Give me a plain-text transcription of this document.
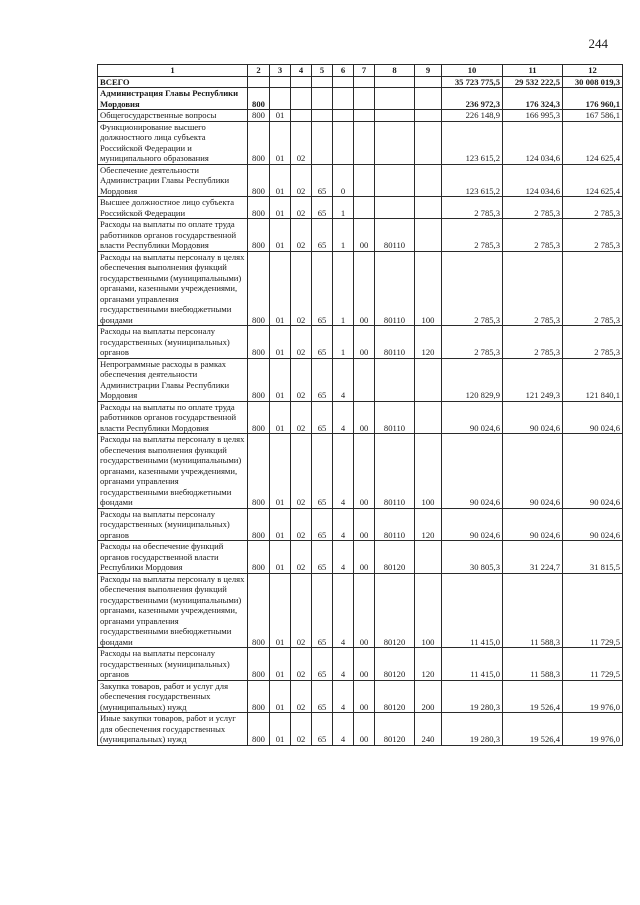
244
1	2	3	4	5	6	7	8	9	10	11	12
ВСЕГО									35 723 775,5	29 532 222,5	30 008 019,3
Администрация Главы Республики Мордовия	800								236 972,3	176 324,3	176 960,1
Общегосударственные вопросы	800	01							226 148,9	166 995,3	167 586,1
Функционирование высшего должностного лица субъекта Российской Федерации и муниципального образования	800	01	02						123 615,2	124 034,6	124 625,4
Обеспечение деятельности Администрации Главы Республики Мордовия	800	01	02	65	0				123 615,2	124 034,6	124 625,4
Высшее должностное лицо субъекта Российской Федерации	800	01	02	65	1				2 785,3	2 785,3	2 785,3
Расходы на выплаты по оплате труда работников органов государственной власти Республики Мордовия	800	01	02	65	1	00	80110		2 785,3	2 785,3	2 785,3
Расходы на выплаты персоналу в целях обеспечения выполнения функций государственными (муниципальными) органами, казенными учреждениями, органами управления государственными внебюджетными фондами	800	01	02	65	1	00	80110	100	2 785,3	2 785,3	2 785,3
Расходы на выплаты персоналу государственных (муниципальных) органов	800	01	02	65	1	00	80110	120	2 785,3	2 785,3	2 785,3
Непрограммные расходы в рамках обеспечения деятельности Администрации Главы Республики Мордовия	800	01	02	65	4				120 829,9	121 249,3	121 840,1
Расходы на выплаты по оплате труда работников органов государственной власти Республики Мордовия	800	01	02	65	4	00	80110		90 024,6	90 024,6	90 024,6
Расходы на выплаты персоналу в целях обеспечения выполнения функций государственными (муниципальными) органами, казенными учреждениями, органами управления государственными внебюджетными фондами	800	01	02	65	4	00	80110	100	90 024,6	90 024,6	90 024,6
Расходы на выплаты персоналу государственных (муниципальных) органов	800	01	02	65	4	00	80110	120	90 024,6	90 024,6	90 024,6
Расходы на обеспечение функций органов государственной власти Республики Мордовия	800	01	02	65	4	00	80120		30 805,3	31 224,7	31 815,5
Расходы на выплаты персоналу в целях обеспечения выполнения функций государственными (муниципальными) органами, казенными учреждениями, органами управления государственными внебюджетными фондами	800	01	02	65	4	00	80120	100	11 415,0	11 588,3	11 729,5
Расходы на выплаты персоналу государственных (муниципальных) органов	800	01	02	65	4	00	80120	120	11 415,0	11 588,3	11 729,5
Закупка товаров, работ и услуг для обеспечения государственных (муниципальных) нужд	800	01	02	65	4	00	80120	200	19 280,3	19 526,4	19 976,0
Иные закупки товаров, работ и услуг для обеспечения государственных (муниципальных) нужд	800	01	02	65	4	00	80120	240	19 280,3	19 526,4	19 976,0
